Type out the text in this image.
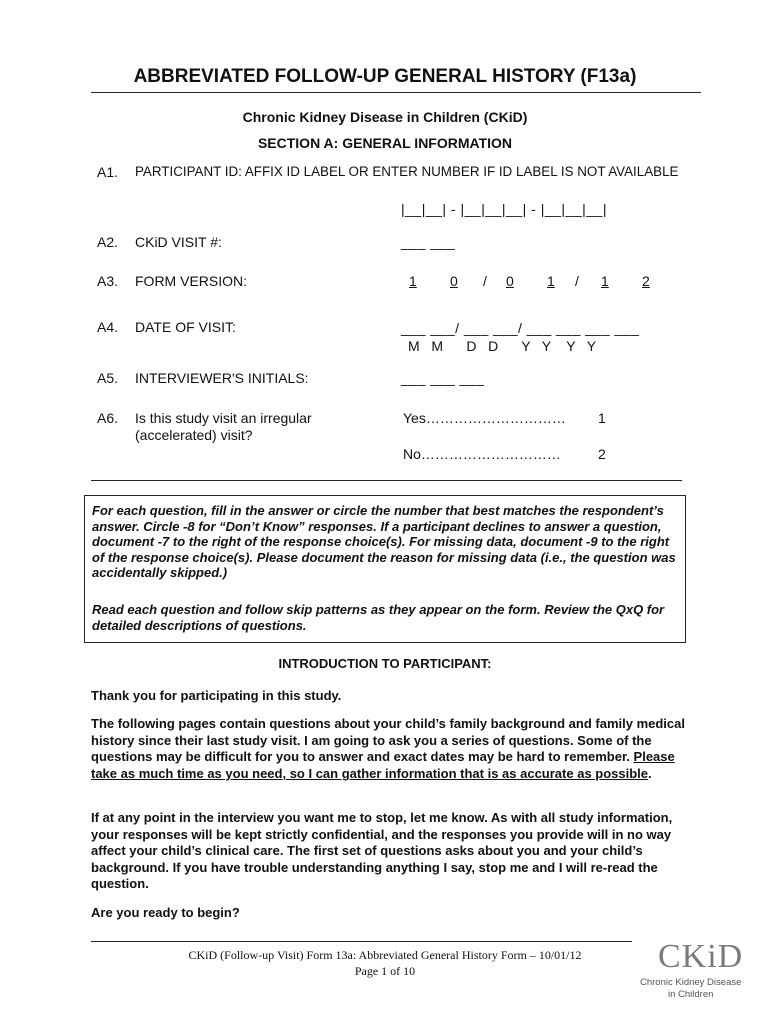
ABBREVIATED FOLLOW-UP GENERAL HISTORY (F13a)
Chronic Kidney Disease in Children (CKiD)
SECTION A: GENERAL INFORMATION
A1. PARTICIPANT ID: AFFIX ID LABEL OR ENTER NUMBER IF ID LABEL IS NOT AVAILABLE
|__|__| - |__|__|__| - |__|__|__|
A2. CKiD VISIT #:	___ ___
A3. FORM VERSION:	1	0	/	0	1	/	1	2
A4. DATE OF VISIT:	___ ___/ ___ ___/ ___ ___ ___ ___
M   M      D   D      Y   Y    Y   Y
A5. INTERVIEWER'S INITIALS:	___ ___ ___
A6. Is this study visit an irregular
(accelerated) visit?
Yes………………………… 1
No…………………………	2
For each question, fill in the answer or circle the number that best matches the respondent’s answer. Circle -8 for “Don’t Know” responses. If a participant declines to answer a question, document -7 to the right of the response choice(s). For missing data, document -9 to the right of the response choice(s). Please document the reason for missing data (i.e., the question was accidentally skipped.)
Read each question and follow skip patterns as they appear on the form. Review the QxQ for detailed descriptions of questions.
INTRODUCTION TO PARTICIPANT:
Thank you for participating in this study.
The following pages contain questions about your child’s family background and family medical history since their last study visit. I am going to ask you a series of questions. Some of the questions may be difficult for you to answer and exact dates may be hard to remember. Please take as much time as you need, so I can gather information that is as accurate as possible.
If at any point in the interview you want me to stop, let me know. As with all study information, your responses will be kept strictly confidential, and the responses you provide will in no way affect your child’s clinical care. The first set of questions asks about you and your child’s background. If you have trouble understanding anything I say, stop me and I will re-read the question.
Are you ready to begin?
CKiD (Follow-up Visit) Form 13a: Abbreviated General History Form – 10/01/12
Page 1 of 10	CKiD
Chronic Kidney Disease
in Children
